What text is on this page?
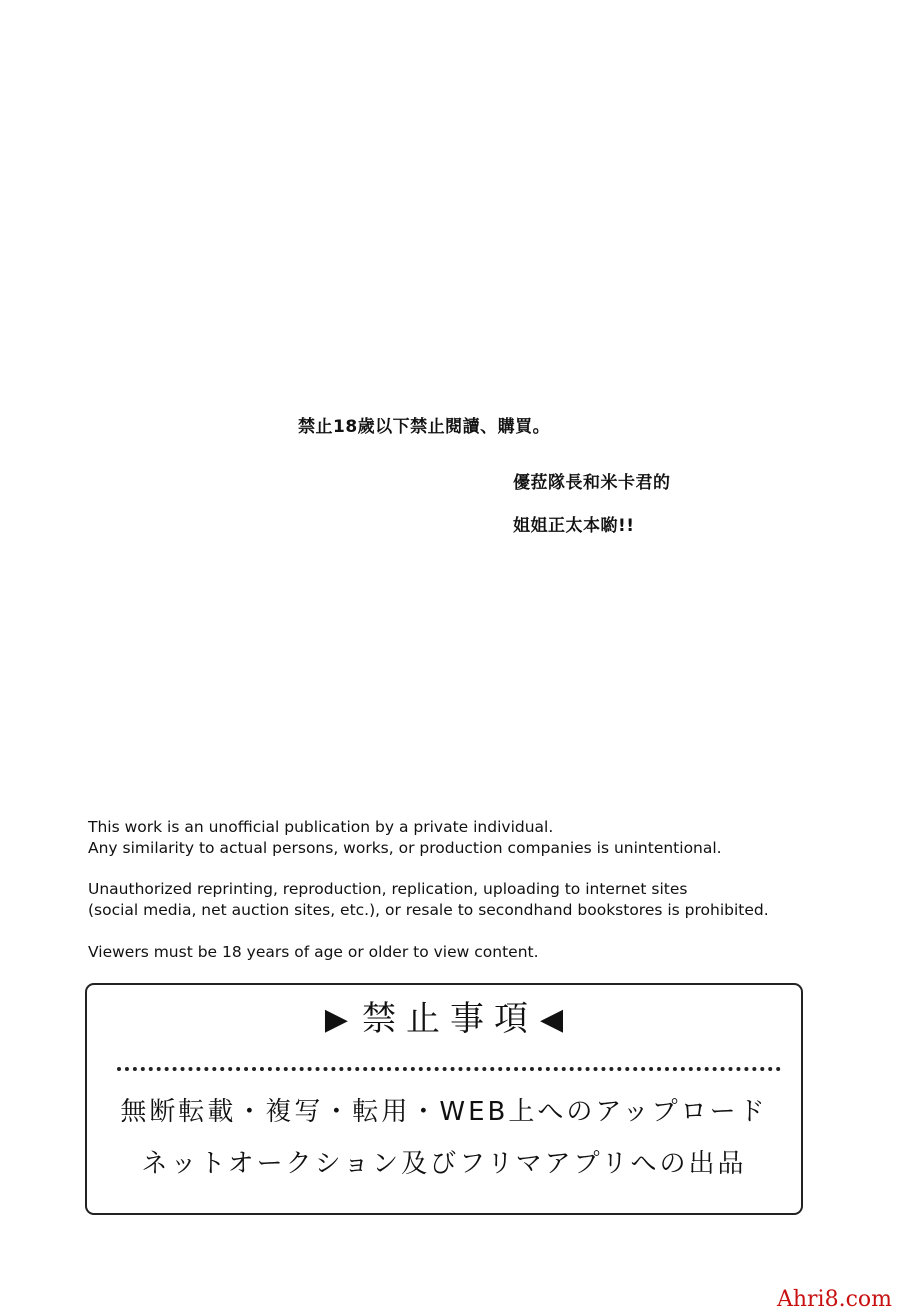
禁止18歲以下禁止閱讀、購買。
優菈隊長和米卡君的
姐姐正太本喲!!
This work is an unofficial publication by a private individual.
Any similarity to actual persons, works, or production companies is unintentional.
Unauthorized reprinting, reproduction, replication, uploading to internet sites
(social media, net auction sites, etc.), or resale to secondhand bookstores is prohibited.
Viewers must be 18 years of age or older to view content.
▶ 禁止事項◀
無断転載・複写・転用・WEB上へのアップロード
ネットオークション及びフリマアプリへの出品
Ahri8.com
